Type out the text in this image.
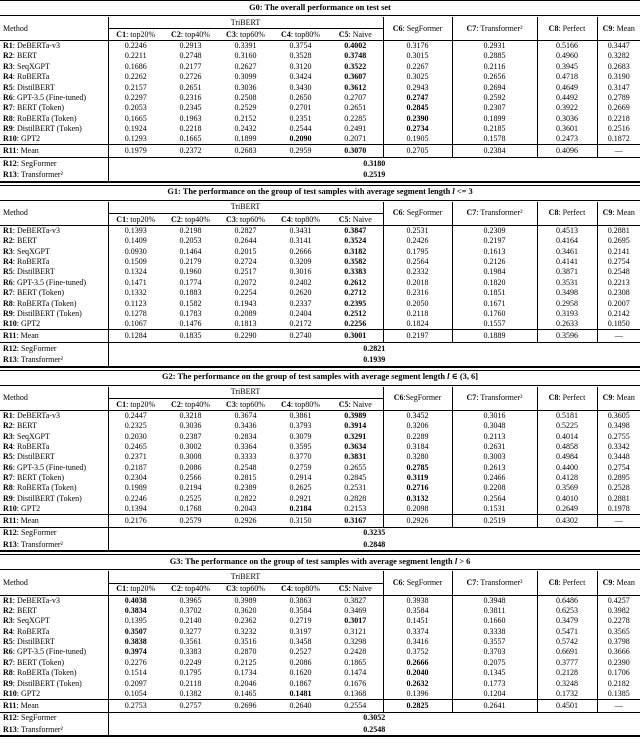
G0: The overall performance on test set
Method	TriBERT					C6: SegFormer	C7: Transformer²	C8: Perfect	C9: Mean
	C1: top20%	C2: top40%	C3: top60%	C4: top80%	C5: Naive				
R1: DeBERTa-v3	0.2246	0.2913	0.3391	0.3754	0.4002	0.3176	0.2931	0.5166	0.3447
R2: BERT	0.2211	0.2748	0.3160	0.3528	0.3748	0.3015	0.2885	0.4960	0.3282
R3: SeqXGPT	0.1686	0.2177	0.2627	0.3120	0.3522	0.2267	0.2116	0.3945	0.2683
R4: RoBERTa	0.2262	0.2726	0.3099	0.3424	0.3607	0.3025	0.2656	0.4718	0.3190
R5: DistilBERT	0.2157	0.2651	0.3036	0.3430	0.3612	0.2943	0.2694	0.4649	0.3147
R6: GPT-3.5 (Fine-tuned)	0.2297	0.2316	0.2508	0.2650	0.2707	0.2747	0.2592	0.4492	0.2789
R7: BERT (Token)	0.2053	0.2345	0.2529	0.2701	0.2651	0.2845	0.2307	0.3922	0.2669
R8: RoBERTa (Token)	0.1665	0.1963	0.2152	0.2351	0.2285	0.2390	0.1899	0.3036	0.2218
R9: DistilBERT (Token)	0.1924	0.2218	0.2432	0.2544	0.2491	0.2734	0.2185	0.3601	0.2516
R10: GPT2	0.1293	0.1665	0.1899	0.2090	0.2071	0.1905	0.1578	0.2473	0.1872
R11: Mean	0.1979	0.2372	0.2683	0.2959	0.3070	0.2705	0.2384	0.4096	—
R12: SegFormer	0.3180								
R13: Transformer²	0.2519								
G1: The performance on the group of test samples with average segment length l <= 3
Method	TriBERT					C6: SegFormer	C7: Transformer²	C8: Perfect	C9: Mean
	C1: top20%	C2: top40%	C3: top60%	C4: top80%	C5: Naive				
R1: DeBERTa-v3	0.1393	0.2198	0.2827	0.3431	0.3847	0.2531	0.2309	0.4513	0.2881
R2: BERT	0.1409	0.2053	0.2644	0.3141	0.3524	0.2426	0.2197	0.4164	0.2695
R3: SeqXGPT	0.0930	0.1464	0.2015	0.2666	0.3182	0.1795	0.1613	0.3461	0.2141
R4: RoBERTa	0.1509	0.2179	0.2724	0.3209	0.3582	0.2564	0.2126	0.4141	0.2754
R5: DistilBERT	0.1324	0.1960	0.2517	0.3016	0.3383	0.2332	0.1984	0.3871	0.2548
R6: GPT-3.5 (Fine-tuned)	0.1471	0.1774	0.2072	0.2402	0.2612	0.2018	0.1820	0.3531	0.2213
R7: BERT (Token)	0.1332	0.1883	0.2254	0.2620	0.2712	0.2316	0.1851	0.3498	0.2308
R8: RoBERTa (Token)	0.1123	0.1582	0.1943	0.2337	0.2395	0.2050	0.1671	0.2958	0.2007
R9: DistilBERT (Token)	0.1278	0.1783	0.2089	0.2404	0.2512	0.2118	0.1760	0.3193	0.2142
R10: GPT2	0.1067	0.1476	0.1813	0.2172	0.2256	0.1824	0.1557	0.2633	0.1850
R11: Mean	0.1284	0.1835	0.2290	0.2740	0.3001	0.2197	0.1889	0.3596	—
R12: SegFormer	0.2821								
R13: Transformer²	0.1939								
G2: The performance on the group of test samples with average segment length l ∈ (3, 6]
Method	TriBERT					C6:SegFormer	C7: Transformer²	C8: Perfect	C9: Mean
	C1: top20%	C2: top40%	C3: top60%	C4: top80%	C5: Naive				
R1: DeBERTa-v3	0.2447	0.3218	0.3674	0.3861	0.3989	0.3452	0.3016	0.5181	0.3605
R2: BERT	0.2325	0.3036	0.3436	0.3793	0.3914	0.3206	0.3048	0.5225	0.3498
R3: SeqXGPT	0.2030	0.2387	0.2834	0.3079	0.3291	0.2289	0.2113	0.4014	0.2755
R4: RoBERTa	0.2465	0.3002	0.3364	0.3595	0.3634	0.3184	0.2631	0.4858	0.3342
R5: DistilBERT	0.2371	0.3008	0.3333	0.3770	0.3831	0.3280	0.3003	0.4984	0.3448
R6: GPT-3.5 (Fine-tuned)	0.2187	0.2086	0.2548	0.2759	0.2655	0.2785	0.2613	0.4400	0.2754
R7: BERT (Token)	0.2304	0.2566	0.2815	0.2914	0.2845	0.3119	0.2466	0.4128	0.2895
R8: RoBERTa (Token)	0.1989	0.2194	0.2389	0.2625	0.2531	0.2716	0.2208	0.3569	0.2528
R9: DistilBERT (Token)	0.2246	0.2525	0.2822	0.2921	0.2828	0.3132	0.2564	0.4010	0.2881
R10: GPT2	0.1394	0.1768	0.2043	0.2184	0.2153	0.2098	0.1531	0.2649	0.1978
R11: Mean	0.2176	0.2579	0.2926	0.3150	0.3167	0.2926	0.2519	0.4302	—
R12: SegFormer	0.3235								
R13: Transformer²	0.2848								
G3: The performance on the group of test samples with average segment length l > 6
Method	TriBERT					C6: SegFormer	C7: Transformer²	C8: Perfect	C9: Mean
	C1: top20%	C2: top40%	C3: top60%	C4: top80%	C5: Naive				
R1: DeBERTa-v3	0.4038	0.3965	0.3989	0.3863	0.3827	0.3938	0.3948	0.6486	0.4257
R2: BERT	0.3834	0.3702	0.3620	0.3584	0.3469	0.3584	0.3811	0.6253	0.3982
R3: SeqXGPT	0.1395	0.2140	0.2362	0.2719	0.3017	0.1451	0.1660	0.3479	0.2278
R4: RoBERTa	0.3507	0.3277	0.3232	0.3197	0.3121	0.3374	0.3338	0.5471	0.3565
R5: DistilBERT	0.3838	0.3561	0.3516	0.3458	0.3298	0.3416	0.3557	0.5742	0.3798
R6: GPT-3.5 (Fine-tuned)	0.3974	0.3383	0.2870	0.2527	0.2428	0.3752	0.3703	0.6691	0.3666
R7: BERT (Token)	0.2276	0.2249	0.2125	0.2086	0.1865	0.2666	0.2075	0.3777	0.2390
R8: RoBERTa (Token)	0.1514	0.1795	0.1734	0.1620	0.1474	0.2040	0.1345	0.2128	0.1706
R9: DistilBERT (Token)	0.2097	0.2118	0.2046	0.1867	0.1676	0.2632	0.1773	0.3248	0.2182
R10: GPT2	0.1054	0.1382	0.1465	0.1481	0.1368	0.1396	0.1204	0.1732	0.1385
R11: Mean	0.2753	0.2757	0.2696	0.2640	0.2554	0.2825	0.2641	0.4501	—
R12: SegFormer	0.3052								
R13: Transformer²	0.2548								
